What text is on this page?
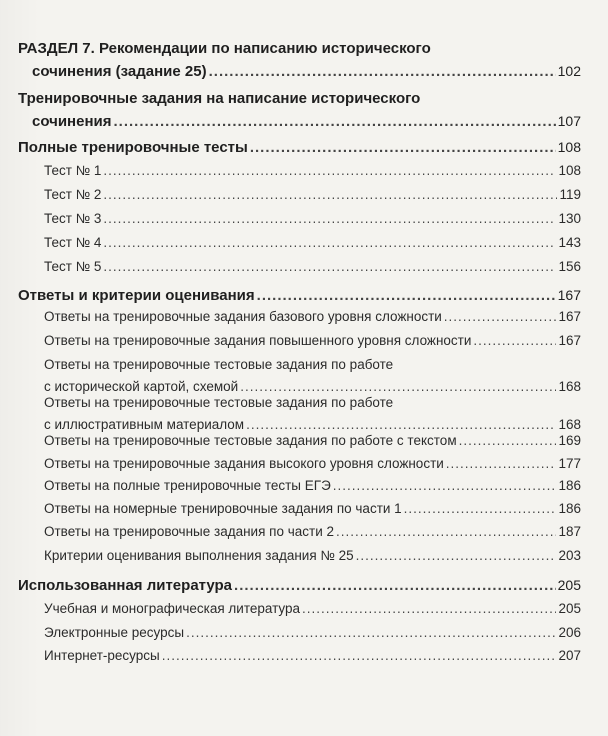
РАЗДЕЛ 7. Рекомендации по написанию исторического
сочинения (задание 25) .....	102
Тренировочные задания на написание исторического
сочинения .....	107
Полные тренировочные тесты .....	108
Тест № 1 .....	108
Тест № 2 .....	119
Тест № 3 .....	130
Тест № 4 .....	143
Тест № 5 .....	156
Ответы и критерии оценивания .....	167
Ответы на тренировочные задания базового уровня сложности .....	167
Ответы на тренировочные задания повышенного уровня сложности .....	167
Ответы на тренировочные тестовые задания по работе
с исторической картой, схемой .....	168
Ответы на тренировочные тестовые задания по работе
с иллюстративным материалом .....	168
Ответы на тренировочные тестовые задания по работе с текстом .....	169
Ответы на тренировочные задания высокого уровня сложности .....	177
Ответы на полные тренировочные тесты ЕГЭ .....	186
Ответы на номерные тренировочные задания по части 1 .....	186
Ответы на тренировочные задания по части 2 .....	187
Критерии оценивания выполнения задания № 25 .....	203
Использованная литература .....	205
Учебная и монографическая литература .....	205
Электронные ресурсы .....	206
Интернет-ресурсы .....	207
